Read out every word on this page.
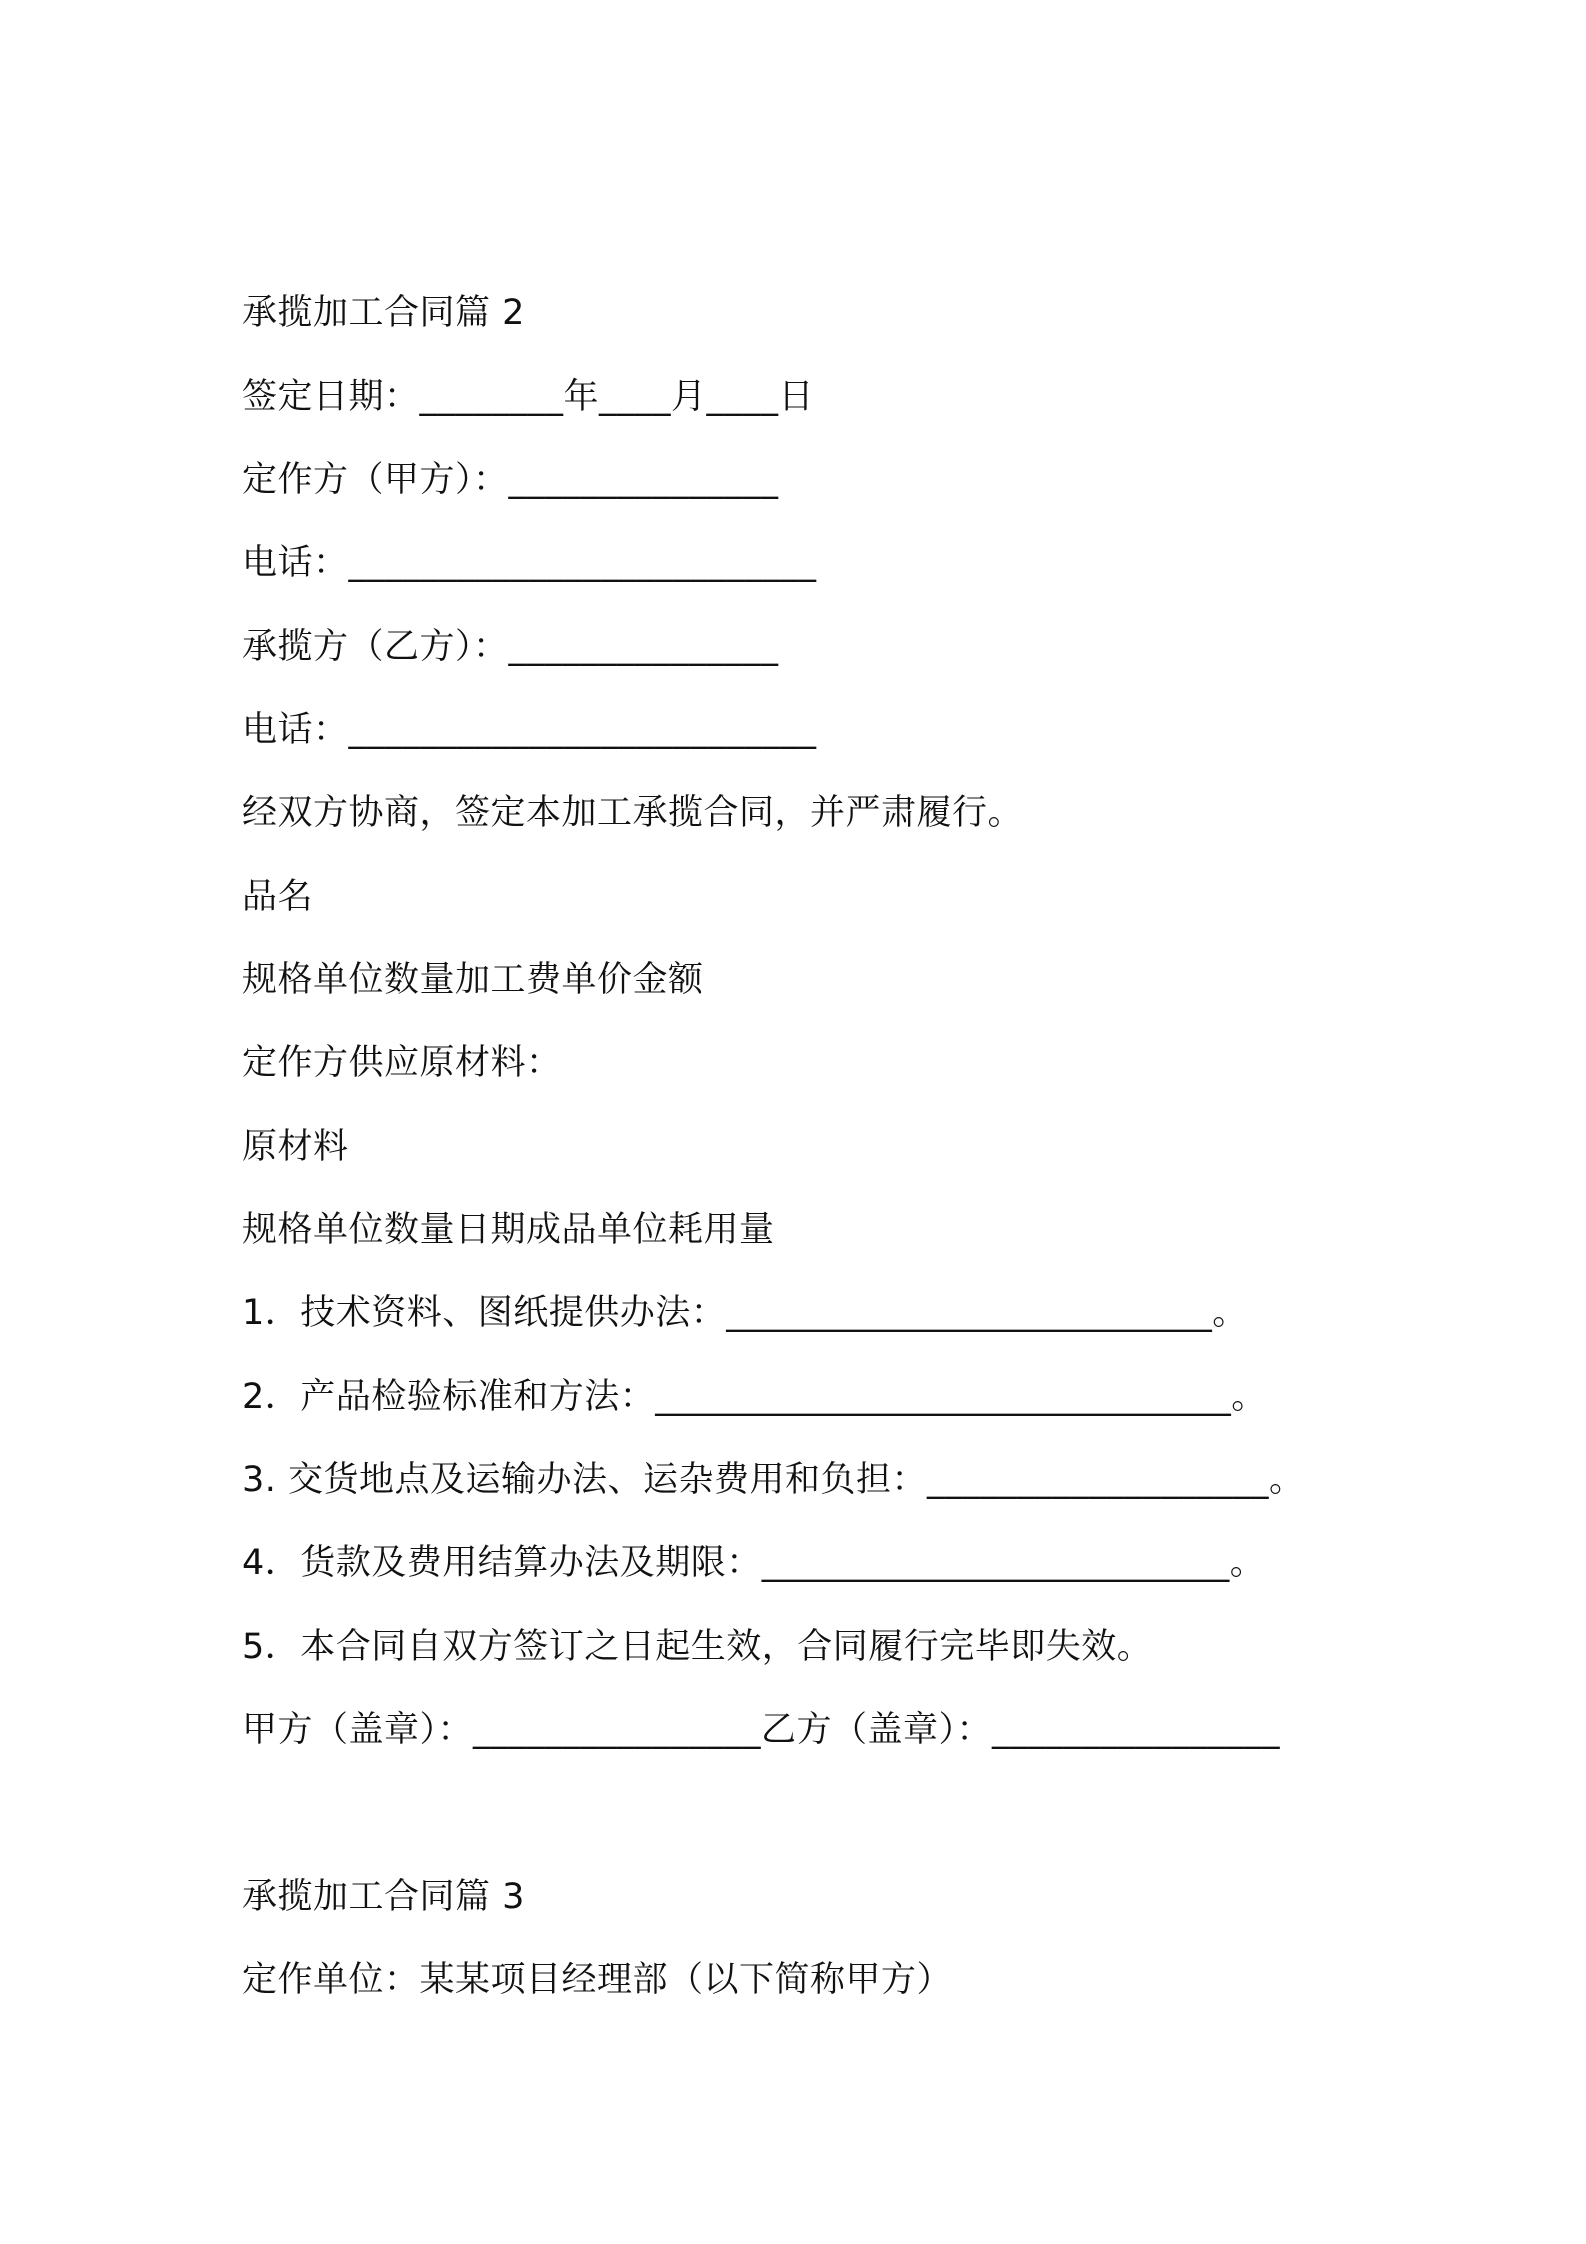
承揽加工合同篇 2
签定日期：________年____月____日
定作方（甲方）：_______________
电话：__________________________
承揽方（乙方）：_______________
电话：__________________________
经双方协商，签定本加工承揽合同，并严肃履行。
品名
规格单位数量加工费单价金额
定作方供应原材料：
原材料
规格单位数量日期成品单位耗用量
1．技术资料、图纸提供办法：___________________________。
2．产品检验标准和方法：________________________________。
3. 交货地点及运输办法、运杂费用和负担：___________________。
4．货款及费用结算办法及期限：__________________________。
5．本合同自双方签订之日起生效，合同履行完毕即失效。
甲方（盖章）：________________乙方（盖章）：________________
承揽加工合同篇 3
定作单位：某某项目经理部（以下简称甲方）
